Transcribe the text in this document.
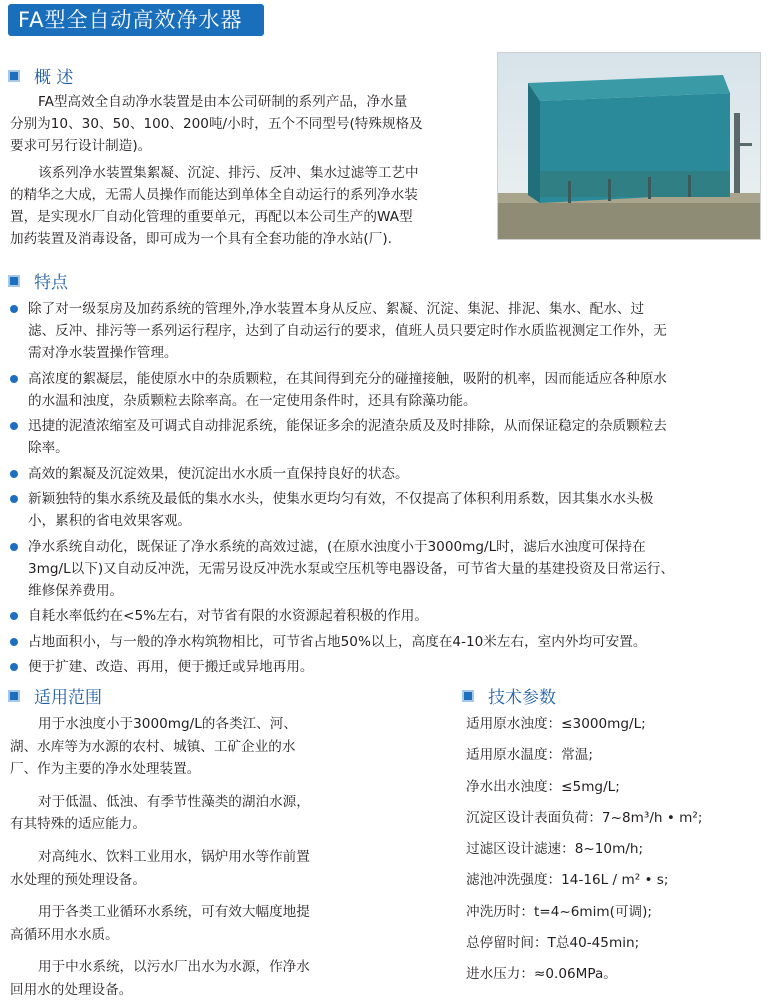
FA型全自动高效净水器
概 述
FA型高效全自动净水装置是由本公司研制的系列产品，净水量
分别为10、30、50、100、200吨/小时，五个不同型号(特殊规格及
要求可另行设计制造)。
该系列净水装置集絮凝、沉淀、排污、反冲、集水过滤等工艺中
的精华之大成，无需人员操作而能达到单体全自动运行的系列净水装
置，是实现水厂自动化管理的重要单元，再配以本公司生产的WA型
加药装置及消毒设备，即可成为一个具有全套功能的净水站(厂).
特点
除了对一级泵房及加药系统的管理外,净水装置本身从反应、絮凝、沉淀、集泥、排泥、集水、配水、过
滤、反冲、排污等一系列运行程序，达到了自动运行的要求，值班人员只要定时作水质监视测定工作外，无
需对净水装置操作管理。
高浓度的絮凝层，能使原水中的杂质颗粒，在其间得到充分的碰撞接触，吸附的机率，因而能适应各种原水
的水温和浊度，杂质颗粒去除率高。在一定使用条件时，还具有除藻功能。
迅捷的泥渣浓缩室及可调式自动排泥系统，能保证多余的泥渣杂质及及时排除，从而保证稳定的杂质颗粒去
除率。
高效的絮凝及沉淀效果，使沉淀出水水质一直保持良好的状态。
新颖独特的集水系统及最低的集水水头，使集水更均匀有效，不仅提高了体积利用系数，因其集水水头极
小，累积的省电效果客观。
净水系统自动化，既保证了净水系统的高效过滤，(在原水浊度小于3000mg/L时，滤后水浊度可保持在
3mg/L以下)又自动反冲洗，无需另设反冲洗水泵或空压机等电器设备，可节省大量的基建投资及日常运行、
维修保养费用。
自耗水率低约在<5%左右，对节省有限的水资源起着积极的作用。
占地面积小，与一般的净水构筑物相比，可节省占地50%以上，高度在4-10米左右，室内外均可安置。
便于扩建、改造、再用，便于搬迁或异地再用。
适用范围
用于水浊度小于3000mg/L的各类江、河、
湖、水库等为水源的农村、城镇、工矿企业的水
厂、作为主要的净水处理装置。
对于低温、低浊、有季节性藻类的湖泊水源，
有其特殊的适应能力。
对高纯水、饮料工业用水，锅炉用水等作前置
水处理的预处理设备。
用于各类工业循环水系统，可有效大幅度地提
高循环用水水质。
用于中水系统，以污水厂出水为水源，作净水
回用水的处理设备。
技术参数
适用原水浊度：≤3000mg/L;
适用原水温度：常温;
净水出水浊度：≤5mg/L;
沉淀区设计表面负荷：7~8m³/h • m²;
过滤区设计滤速：8~10m/h;
滤池冲洗强度：14-16L / m² • s;
冲洗历时：t=4~6mim(可调);
总停留时间：T总40-45min;
进水压力：≈0.06MPa。
